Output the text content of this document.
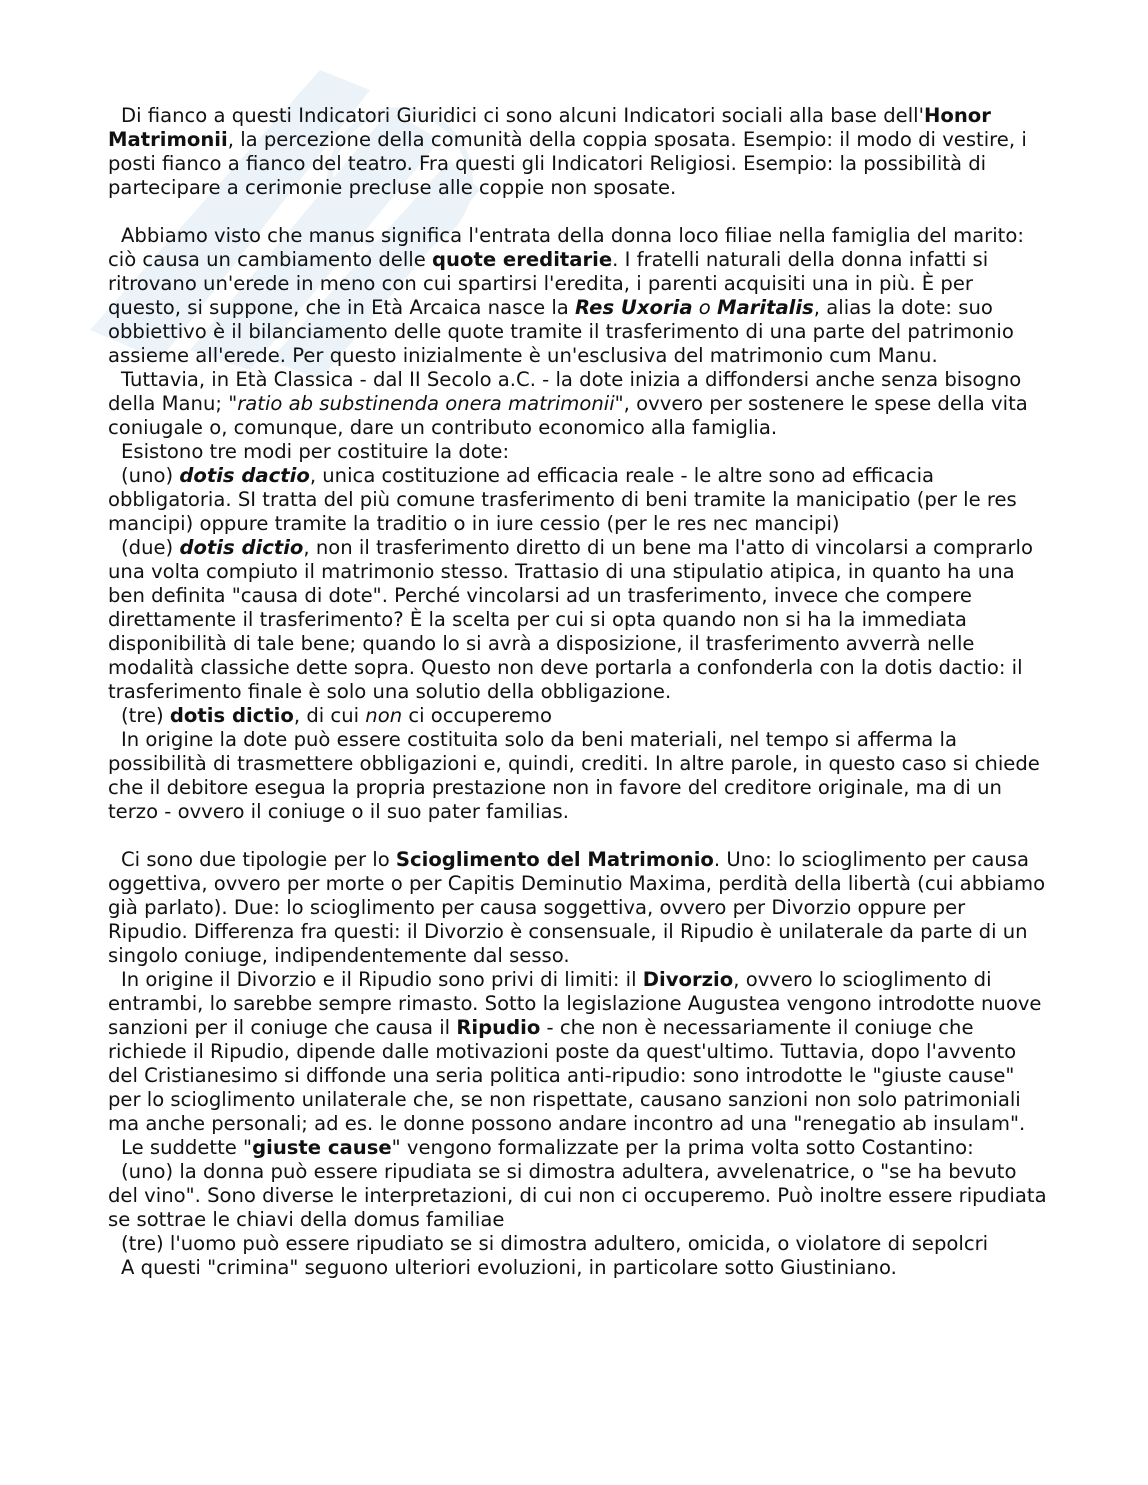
Di fianco a questi Indicatori Giuridici ci sono alcuni Indicatori sociali alla base dell'Honor Matrimonii, la percezione della comunità della coppia sposata. Esempio: il modo di vestire, i posti fianco a fianco del teatro. Fra questi gli Indicatori Religiosi. Esempio: la possibilità di partecipare a cerimonie precluse alle coppie non sposate.

Abbiamo visto che manus significa l'entrata della donna loco filiae nella famiglia del marito: ciò causa un cambiamento delle quote ereditarie. I fratelli naturali della donna infatti si ritrovano un'erede in meno con cui spartirsi l'eredita, i parenti acquisiti una in più. È per questo, si suppone, che in Età Arcaica nasce la Res Uxoria o Maritalis, alias la dote: suo obbiettivo è il bilanciamento delle quote tramite il trasferimento di una parte del patrimonio assieme all'erede. Per questo inizialmente è un'esclusiva del matrimonio cum Manu.

Tuttavia, in Età Classica - dal II Secolo a.C. - la dote inizia a diffondersi anche senza bisogno della Manu; "ratio ab substinenda onera matrimonii", ovvero per sostenere le spese della vita coniugale o, comunque, dare un contributo economico alla famiglia.

Esistono tre modi per costituire la dote:

(uno) dotis dactio, unica costituzione ad efficacia reale - le altre sono ad efficacia obbligatoria. SI tratta del più comune trasferimento di beni tramite la manicipatio (per le res mancipi) oppure tramite la traditio o in iure cessio (per le res nec mancipi)

(due) dotis dictio, non il trasferimento diretto di un bene ma l'atto di vincolarsi a comprarlo una volta compiuto il matrimonio stesso. Trattasio di una stipulatio atipica, in quanto ha una ben definita "causa di dote". Perché vincolarsi ad un trasferimento, invece che compere direttamente il trasferimento? È la scelta per cui si opta quando non si ha la immediata disponibilità di tale bene; quando lo si avrà a disposizione, il trasferimento avverrà nelle modalità classiche dette sopra. Questo non deve portarla a confonderla con la dotis dactio: il trasferimento finale è solo una solutio della obbligazione.

(tre) dotis dictio, di cui non ci occuperemo

In origine la dote può essere costituita solo da beni materiali, nel tempo si afferma la possibilità di trasmettere obbligazioni e, quindi, crediti. In altre parole, in questo caso si chiede che il debitore esegua la propria prestazione non in favore del creditore originale, ma di un terzo - ovvero il coniuge o il suo pater familias.

Ci sono due tipologie per lo Scioglimento del Matrimonio. Uno: lo scioglimento per causa oggettiva, ovvero per morte o per Capitis Deminutio Maxima, perdità della libertà (cui abbiamo già parlato). Due: lo scioglimento per causa soggettiva, ovvero per Divorzio oppure per Ripudio. Differenza fra questi: il Divorzio è consensuale, il Ripudio è unilaterale da parte di un singolo coniuge, indipendentemente dal sesso.

In origine il Divorzio e il Ripudio sono privi di limiti: il Divorzio, ovvero lo scioglimento di entrambi, lo sarebbe sempre rimasto. Sotto la legislazione Augustea vengono introdotte nuove sanzioni per il coniuge che causa il Ripudio - che non è necessariamente il coniuge che richiede il Ripudio, dipende dalle motivazioni poste da quest'ultimo. Tuttavia, dopo l'avvento del Cristianesimo si diffonde una seria politica anti-ripudio: sono introdotte le "giuste cause" per lo scioglimento unilaterale che, se non rispettate, causano sanzioni non solo patrimoniali ma anche personali; ad es. le donne possono andare incontro ad una "renegatio ab insulam".

Le suddette "giuste cause" vengono formalizzate per la prima volta sotto Costantino:

(uno) la donna può essere ripudiata se si dimostra adultera, avvelenatrice, o "se ha bevuto del vino". Sono diverse le interpretazioni, di cui non ci occuperemo. Può inoltre essere ripudiata se sottrae le chiavi della domus familiae

(tre) l'uomo può essere ripudiato se si dimostra adultero, omicida, o violatore di sepolcri

A questi "crimina" seguono ulteriori evoluzioni, in particolare sotto Giustiniano.
